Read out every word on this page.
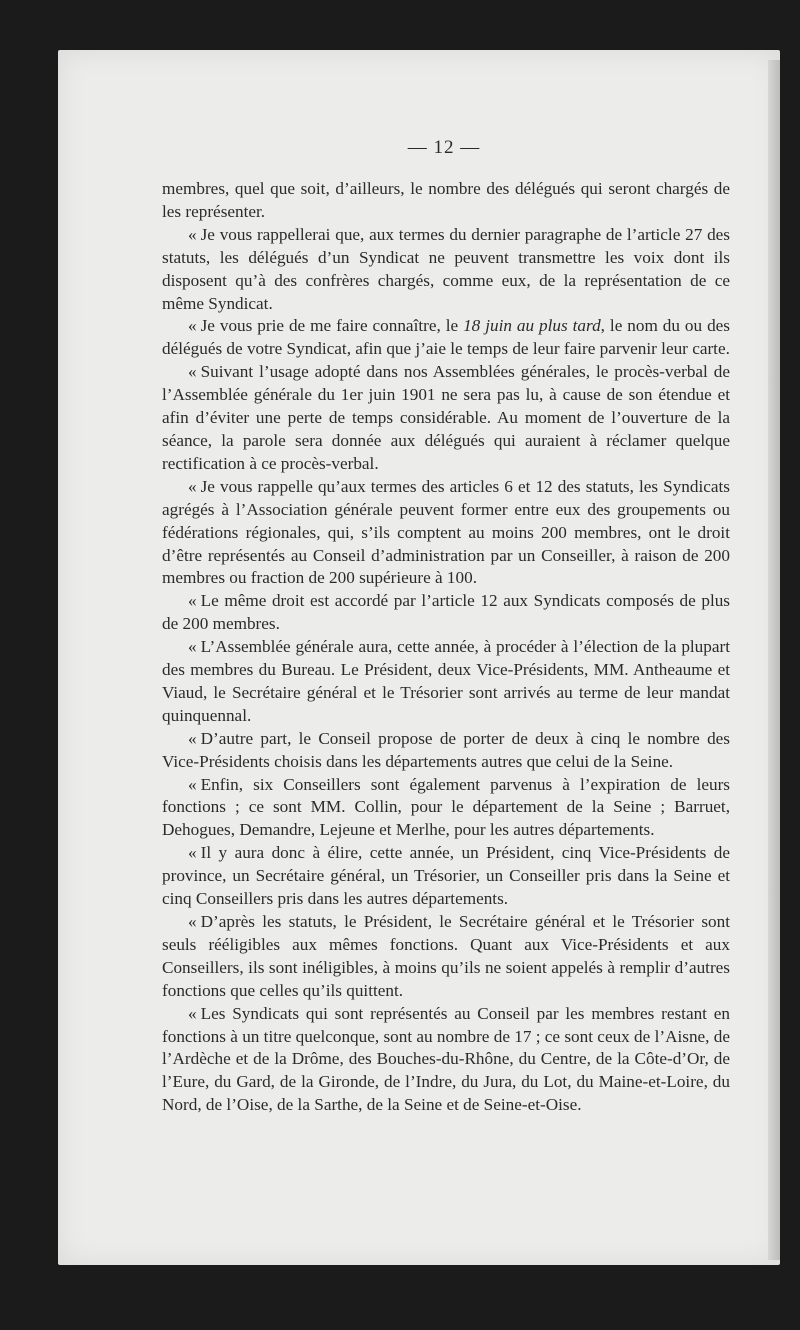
— 12 —

membres, quel que soit, d’ailleurs, le nombre des délégués qui seront chargés de les représenter.

« Je vous rappellerai que, aux termes du dernier paragraphe de l’article 27 des statuts, les délégués d’un Syndicat ne peuvent transmettre les voix dont ils disposent qu’à des confrères chargés, comme eux, de la représentation de ce même Syndicat.

« Je vous prie de me faire connaître, le 18 juin au plus tard, le nom du ou des délégués de votre Syndicat, afin que j’aie le temps de leur faire parvenir leur carte.

« Suivant l’usage adopté dans nos Assemblées générales, le procès-verbal de l’Assemblée générale du 1er juin 1901 ne sera pas lu, à cause de son étendue et afin d’éviter une perte de temps considérable. Au moment de l’ouverture de la séance, la parole sera donnée aux délégués qui auraient à réclamer quelque rectification à ce procès-verbal.

« Je vous rappelle qu’aux termes des articles 6 et 12 des statuts, les Syndicats agrégés à l’Association générale peuvent former entre eux des groupements ou fédérations régionales, qui, s’ils comptent au moins 200 membres, ont le droit d’être représentés au Conseil d’administration par un Conseiller, à raison de 200 membres ou fraction de 200 supérieure à 100.

« Le même droit est accordé par l’article 12 aux Syndicats composés de plus de 200 membres.

« L’Assemblée générale aura, cette année, à procéder à l’élection de la plupart des membres du Bureau. Le Président, deux Vice-Présidents, MM. Antheaume et Viaud, le Secrétaire général et le Trésorier sont arrivés au terme de leur mandat quinquennal.

« D’autre part, le Conseil propose de porter de deux à cinq le nombre des Vice-Présidents choisis dans les départements autres que celui de la Seine.

« Enfin, six Conseillers sont également parvenus à l’expiration de leurs fonctions ; ce sont MM. Collin, pour le département de la Seine ; Barruet, Dehogues, Demandre, Lejeune et Merlhe, pour les autres départements.

« Il y aura donc à élire, cette année, un Président, cinq Vice-Présidents de province, un Secrétaire général, un Trésorier, un Conseiller pris dans la Seine et cinq Conseillers pris dans les autres départements.

« D’après les statuts, le Président, le Secrétaire général et le Trésorier sont seuls rééligibles aux mêmes fonctions. Quant aux Vice-Présidents et aux Conseillers, ils sont inéligibles, à moins qu’ils ne soient appelés à remplir d’autres fonctions que celles qu’ils quittent.

« Les Syndicats qui sont représentés au Conseil par les membres restant en fonctions à un titre quelconque, sont au nombre de 17 ; ce sont ceux de l’Aisne, de l’Ardèche et de la Drôme, des Bouches-du-Rhône, du Centre, de la Côte-d’Or, de l’Eure, du Gard, de la Gironde, de l’Indre, du Jura, du Lot, du Maine-et-Loire, du Nord, de l’Oise, de la Sarthe, de la Seine et de Seine-et-Oise.
